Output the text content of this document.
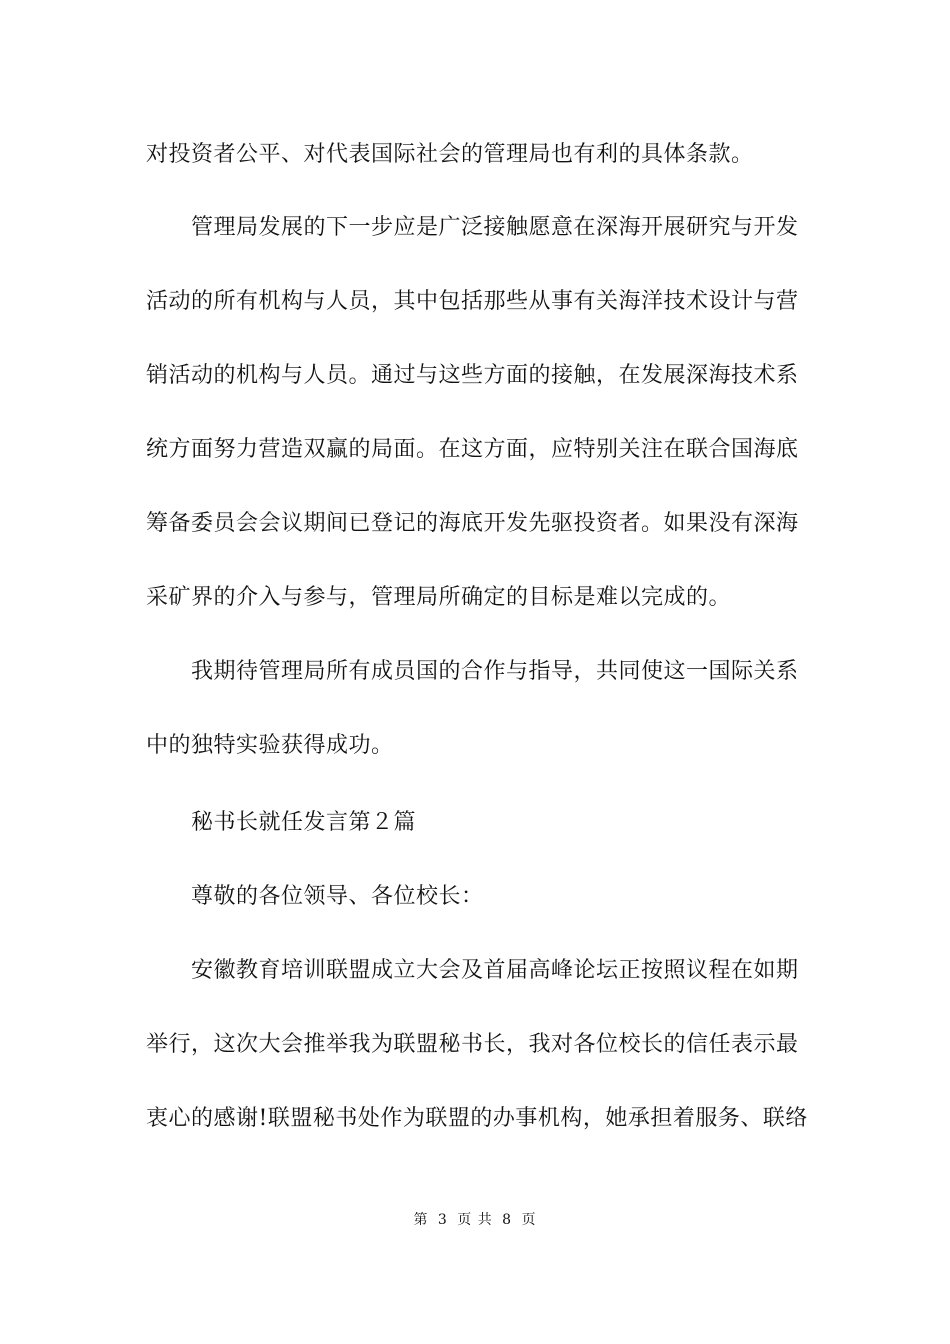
对投资者公平、对代表国际社会的管理局也有利的具体条款。
　　管理局发展的下一步应是广泛接触愿意在深海开展研究与开发
活动的所有机构与人员，其中包括那些从事有关海洋技术设计与营
销活动的机构与人员。通过与这些方面的接触，在发展深海技术系
统方面努力营造双赢的局面。在这方面，应特别关注在联合国海底
筹备委员会会议期间已登记的海底开发先驱投资者。如果没有深海
采矿界的介入与参与，管理局所确定的目标是难以完成的。
　　我期待管理局所有成员国的合作与指导，共同使这一国际关系
中的独特实验获得成功。
　　秘书长就任发言第２篇
　　尊敬的各位领导、各位校长：
　　安徽教育培训联盟成立大会及首届高峰论坛正按照议程在如期
举行，这次大会推举我为联盟秘书长，我对各位校长的信任表示最
衷心的感谢!联盟秘书处作为联盟的办事机构，她承担着服务、联络
第 3 页 共 8 页
